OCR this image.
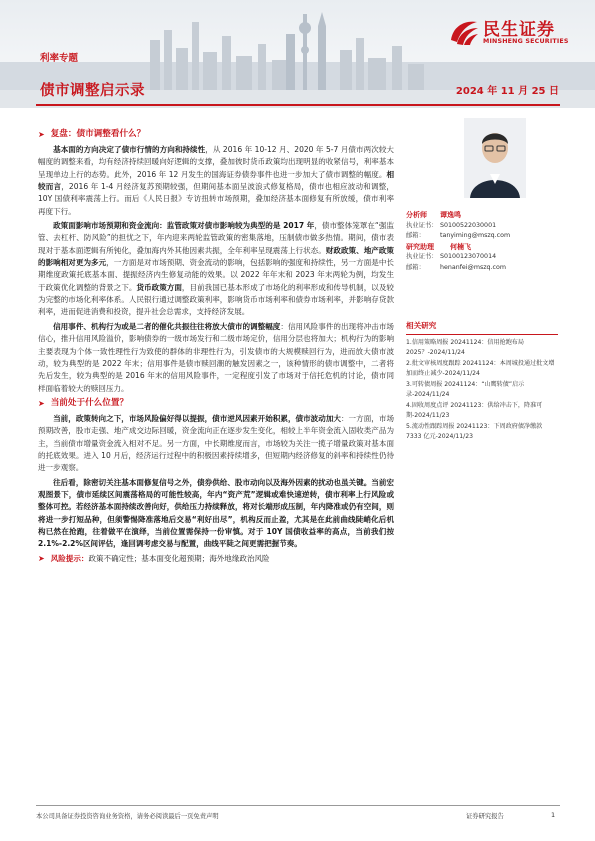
利率专题
债市调整启示录	2024 年 11 月 25 日
民生证券
MINSHENG SECURITIES
➤ 复盘：债市调整看什么？
基本面的方向决定了债市行情的方向和持续性，从 2016 年 10-12 月、2020 年 5-7 月债市两次较大幅度的调整来看，均有经济持续回暖向好逻辑的支撑，叠加彼时货币政策均出现明显的收紧信号，利率基本呈现单边上行的态势。此外，2016 年 12 月发生的国海证券债券事件也进一步加大了债市调整的幅度。相较而言，2016 年 1-4 月经济复苏预期较强，但期间基本面呈波浪式修复格局，债市也相应波动和调整，10Y 国债利率震荡上行。而后《人民日报》专访扭转市场预期，叠加经济基本面修复有所放缓，债市利率再度下行。
政策面影响市场预期和资金流向：监管政策对债市影响较为典型的是 2017 年，债市整体笼罩在“强监管、去杠杆、防风险”的担忧之下，年内迎来两轮监管政策的密集落地，压制债市做多热情。期间，债市表现对于基本面逻辑有所钝化，叠加海内外其他因素共振，全年利率呈现震荡上行状态。财政政策、地产政策的影响相对更为多元，一方面是对市场预期、资金流动的影响，包括影响的强度和持续性，另一方面是中长期维度政策托底基本面、提振经济内生修复动能的效果。以 2022 年年末和 2023 年末两轮为例，均发生于政策优化调整的背景之下。货币政策方面，目前我国已基本形成了市场化的利率形成和传导机制，以及较为完整的市场化利率体系。人民银行通过调整政策利率，影响货币市场利率和债券市场利率，并影响存贷款利率，进而促进消费和投资，提升社会总需求，支持经济发展。
信用事件、机构行为或是二者的催化共振往往将放大债市的调整幅度：信用风险事件的出现将冲击市场信心，推升信用风险溢价，影响债券的一级市场发行和二级市场定价，信用分层也将加大；机构行为的影响主要表现为个体一致性理性行为致使的群体的非理性行为，引发债市的大规模赎回行为，进而放大债市波动，较为典型的是 2022 年末；信用事件是债市赎回潮的触发因素之一，该种情形的债市调整中，二者将先后发生，较为典型的是 2016 年末的信用风险事件，一定程度引发了市场对于信托危机的讨论，债市同样面临着较大的赎回压力。
➤ 当前处于什么位置？
当前，政策转向之下，市场风险偏好得以提振，债市逆风因素开始积累，债市波动加大：一方面，市场预期改善，股市走强、地产成交边际回暖，资金流向正在逐步发生变化，相较上半年资金流入固收类产品为主，当前债市增量资金流入相对不足。另一方面，中长期维度而言，市场较为关注一揽子增量政策对基本面的托底效果。进入 10 月后，经济运行过程中的积极因素持续增多，但短期内经济修复的斜率和持续性仍待进一步观察。
往后看，除密切关注基本面修复信号之外，债券供给、股市动向以及海外因素的扰动也虽关键。当前宏观图景下，债市延续区间震荡格局的可能性较高，年内“资产荒”逻辑或难快速逆转，债市利率上行风险或整体可控。若经济基本面持续改善向好，供给压力持续释放，将对长端形成压制，年内降准或仍有空间，则将进一步打短品种，但须警惕降准落地后交易“利好出尽”，机构反而止盈，尤其是在此前曲线陡峭化后机构已然在抢跑，往着做平在演绎，当前位置需保持一份审慎。对于 10Y 国债收益率的高点，当前我们按 2.1%-2.2%区间评估，逢回调考虑交易与配置，曲线平陡之间更需把握节奏。
➤ 风险提示： 政策不确定性；基本面变化超预期；海外地缘政治风险
分析师	谭逸鸣
执业证书： S0100522030001
邮箱：	tanyiming@mszq.com
研究助理	何楠飞
执业证书： S0100123070014
邮箱：	henanfei@mszq.com
相关研究
1.信用策略周报 20241124：信用抢跑布局 2025？-2024/11/24
2.批文审核周度跟踪 20241124：本周城投通过批文增加而终止减少-2024/11/24
3.可转债周报 20241124：“山鹰转债”启示录-2024/11/24
4.固收周度点评 20241123：供给冲击下，降准可期-2024/11/23
5.流动性跟踪周报 20241123：下周政府债净缴款 7333 亿元-2024/11/23
本公司具备证券投资咨询业务资格，请务必阅读最后一页免责声明	证券研究报告	1
